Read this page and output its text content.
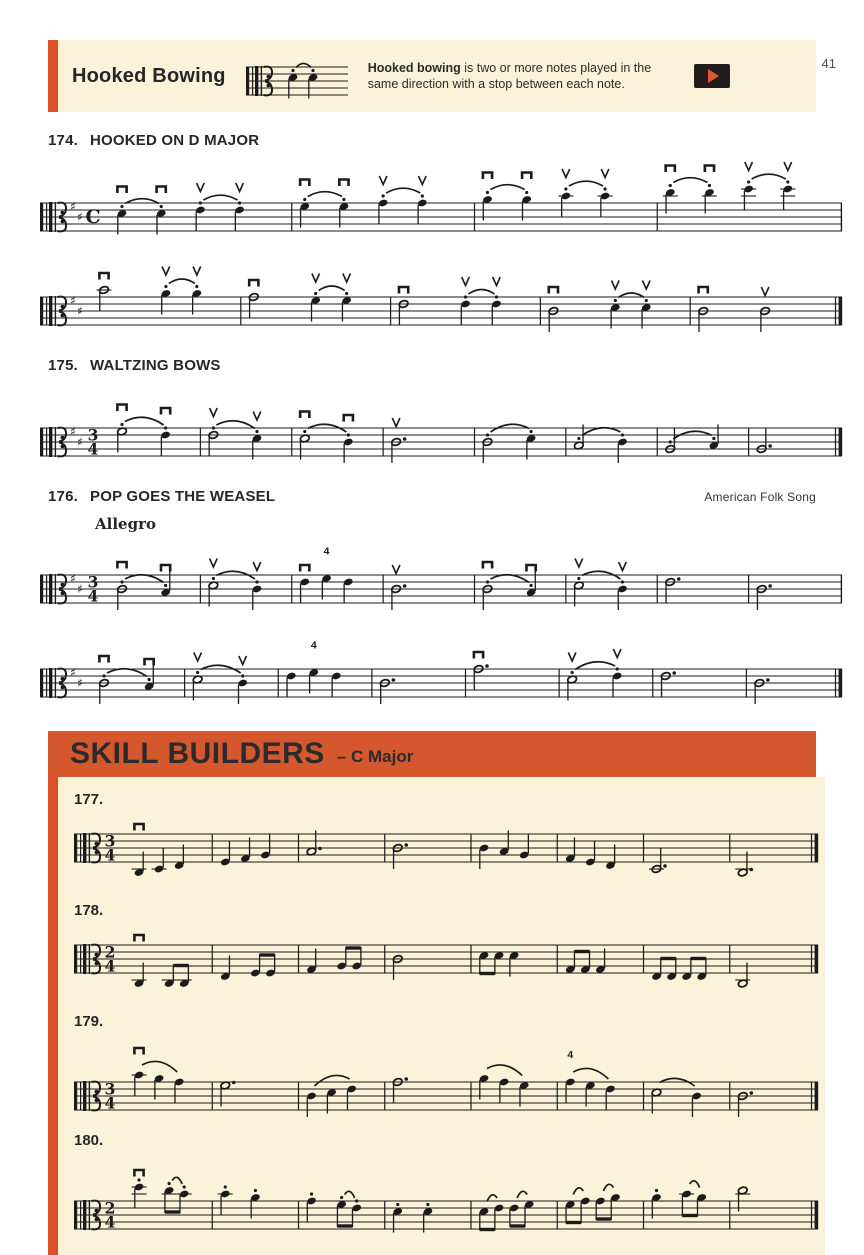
41
Hooked Bowing	Hooked bowing is two or more notes played in the same direction with a stop between each note.
174. HOOKED ON D MAJOR
♯
♯ C
♯
♯
175. WALTZING BOWS
♯
♯ 3
4
176. POP GOES THE WEASEL	American Folk Song
Allegro
♯
♯ 3
4
4
♯
♯
4
SKILL BUILDERS – C Major
177.
3
4
178.
2
4
179.
3
4
4
180.
2
4
